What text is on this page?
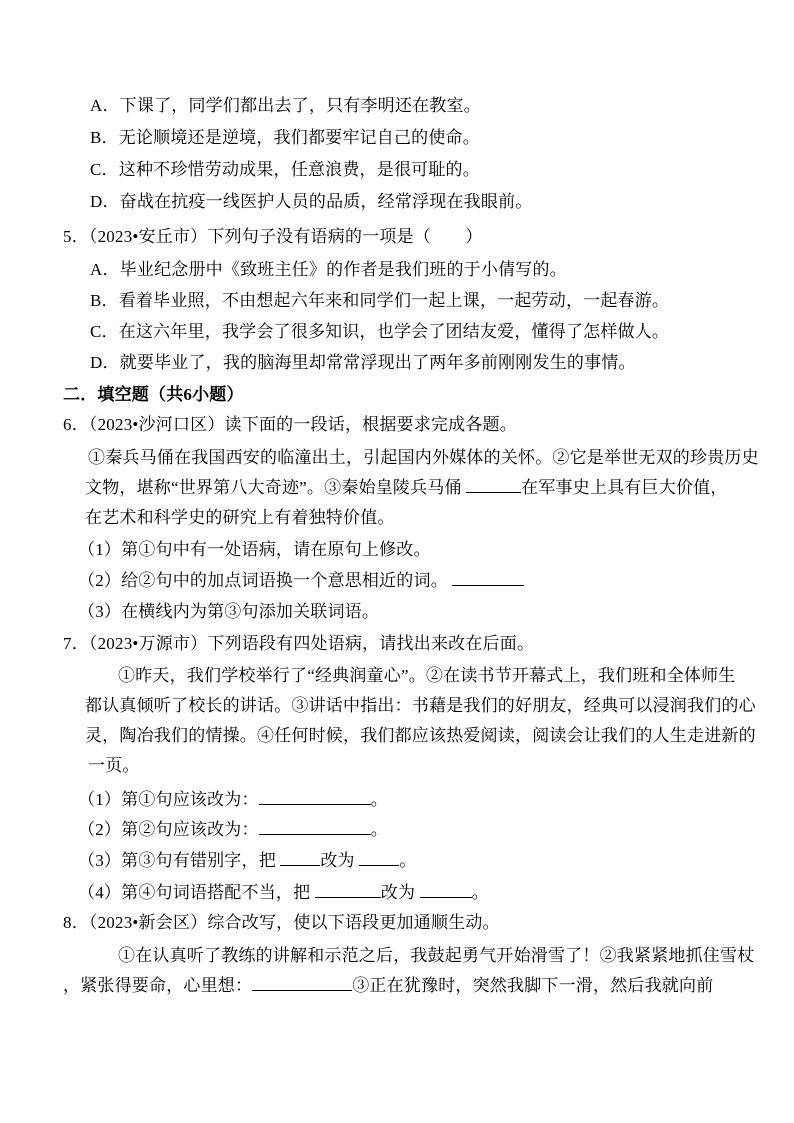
A．下课了，同学们都出去了，只有李明还在教室。
B．无论顺境还是逆境，我们都要牢记自己的使命。
C．这种不珍惜劳动成果，任意浪费，是很可耻的。
D．奋战在抗疫一线医护人员的品质，经常浮现在我眼前。
5．（2023•安丘市）下列句子没有语病的一项是（　　）
A．毕业纪念册中《致班主任》的作者是我们班的于小倩写的。
B．看着毕业照，不由想起六年来和同学们一起上课，一起劳动，一起春游。
C．在这六年里，我学会了很多知识，也学会了团结友爱，懂得了怎样做人。
D．就要毕业了，我的脑海里却常常浮现出了两年多前刚刚发生的事情。
二．填空题（共6小题）
6．（2023•沙河口区）读下面的一段话，根据要求完成各题。
①秦兵马俑在我国西安的临潼出土，引起国内外媒体的关怀。②它是举世无双的珍贵历史
文物，堪称“世界第八大奇迹”。③秦始皇陵兵马俑	在军事史上具有巨大价值，
在艺术和科学史的研究上有着独特价值。
（1）第①句中有一处语病，请在原句上修改。
（2）给②句中的加点词语换一个意思相近的词。
（3）在横线内为第③句添加关联词语。
7．（2023•万源市）下列语段有四处语病，请找出来改在后面。
①昨天，我们学校举行了“经典润童心”。②在读书节开幕式上，我们班和全体师生
都认真倾听了校长的讲话。③讲话中指出：书藉是我们的好朋友，经典可以浸润我们的心
灵，陶冶我们的情操。④任何时候，我们都应该热爱阅读，阅读会让我们的人生走进新的
一页。
（1）第①句应该改为：	。
（2）第②句应该改为：	。
（3）第③句有错别字，把 改为 。
（4）第④句词语搭配不当，把	改为	。
8．（2023•新会区）综合改写，使以下语段更加通顺生动。
①在认真听了教练的讲解和示范之后，我鼓起勇气开始滑雪了！②我紧紧地抓住雪杖
，紧张得要命，心里想：	③正在犹豫时，突然我脚下一滑，然后我就向前
